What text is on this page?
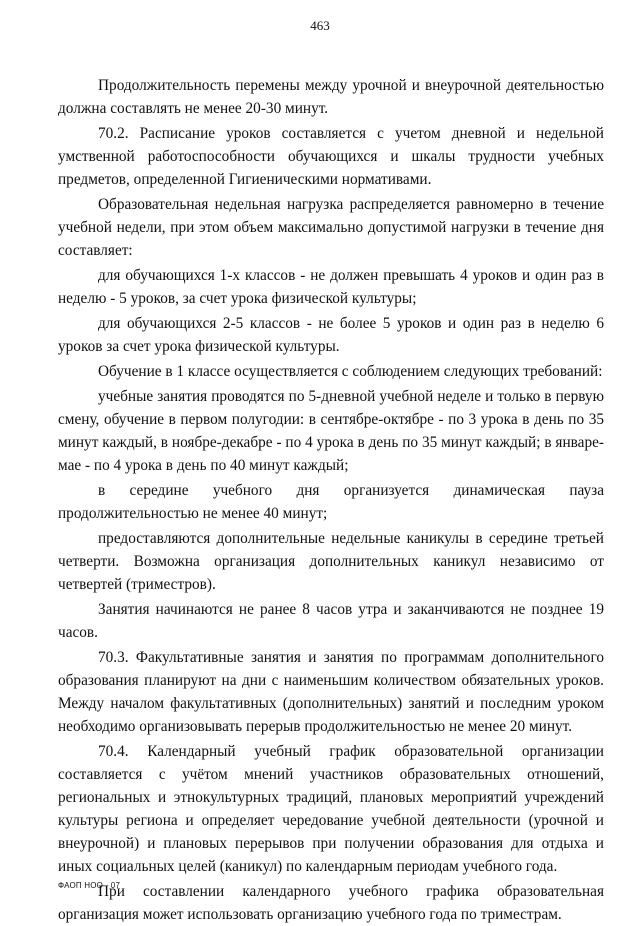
463

Продолжительность перемены между урочной и внеурочной деятельностью должна составлять не менее 20-30 минут.

70.2. Расписание уроков составляется с учетом дневной и недельной умственной работоспособности обучающихся и шкалы трудности учебных предметов, определенной Гигиеническими нормативами.

Образовательная недельная нагрузка распределяется равномерно в течение учебной недели, при этом объем максимально допустимой нагрузки в течение дня составляет:

для обучающихся 1-х классов - не должен превышать 4 уроков и один раз в неделю - 5 уроков, за счет урока физической культуры;

для обучающихся 2-5 классов - не более 5 уроков и один раз в неделю 6 уроков за счет урока физической культуры.

Обучение в 1 классе осуществляется с соблюдением следующих требований:

учебные занятия проводятся по 5-дневной учебной неделе и только в первую смену, обучение в первом полугодии: в сентябре-октябре - по 3 урока в день по 35 минут каждый, в ноябре-декабре - по 4 урока в день по 35 минут каждый; в январе-мае - по 4 урока в день по 40 минут каждый;

в середине учебного дня организуется динамическая пауза продолжительностью не менее 40 минут;

предоставляются дополнительные недельные каникулы в середине третьей четверти. Возможна организация дополнительных каникул независимо от четвертей (триместров).

Занятия начинаются не ранее 8 часов утра и заканчиваются не позднее 19 часов.

70.3. Факультативные занятия и занятия по программам дополнительного образования планируют на дни с наименьшим количеством обязательных уроков. Между началом факультативных (дополнительных) занятий и последним уроком необходимо организовывать перерыв продолжительностью не менее 20 минут.

70.4. Календарный учебный график образовательной организации составляется с учётом мнений участников образовательных отношений, региональных и этнокультурных традиций, плановых мероприятий учреждений культуры региона и определяет чередование учебной деятельности (урочной и внеурочной) и плановых перерывов при получении образования для отдыха и иных социальных целей (каникул) по календарным периодам учебного года.

При составлении календарного учебного графика образовательная организация может использовать организацию учебного года по триместрам.

ФАОП НОО - 07
